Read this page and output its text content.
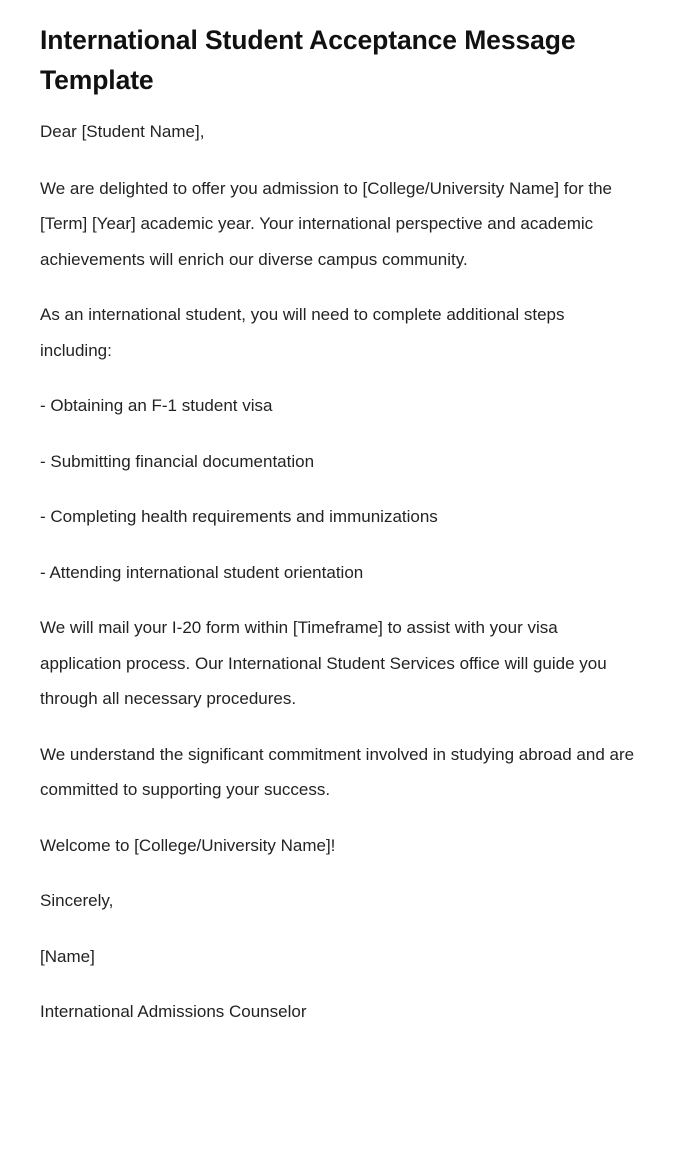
International Student Acceptance Message Template

Dear [Student Name],

We are delighted to offer you admission to [College/University Name] for the [Term] [Year] academic year. Your international perspective and academic achievements will enrich our diverse campus community.

As an international student, you will need to complete additional steps including:

- Obtaining an F-1 student visa

- Submitting financial documentation

- Completing health requirements and immunizations

- Attending international student orientation

We will mail your I-20 form within [Timeframe] to assist with your visa application process. Our International Student Services office will guide you through all necessary procedures.

We understand the significant commitment involved in studying abroad and are committed to supporting your success.

Welcome to [College/University Name]!

Sincerely,

[Name]

International Admissions Counselor
